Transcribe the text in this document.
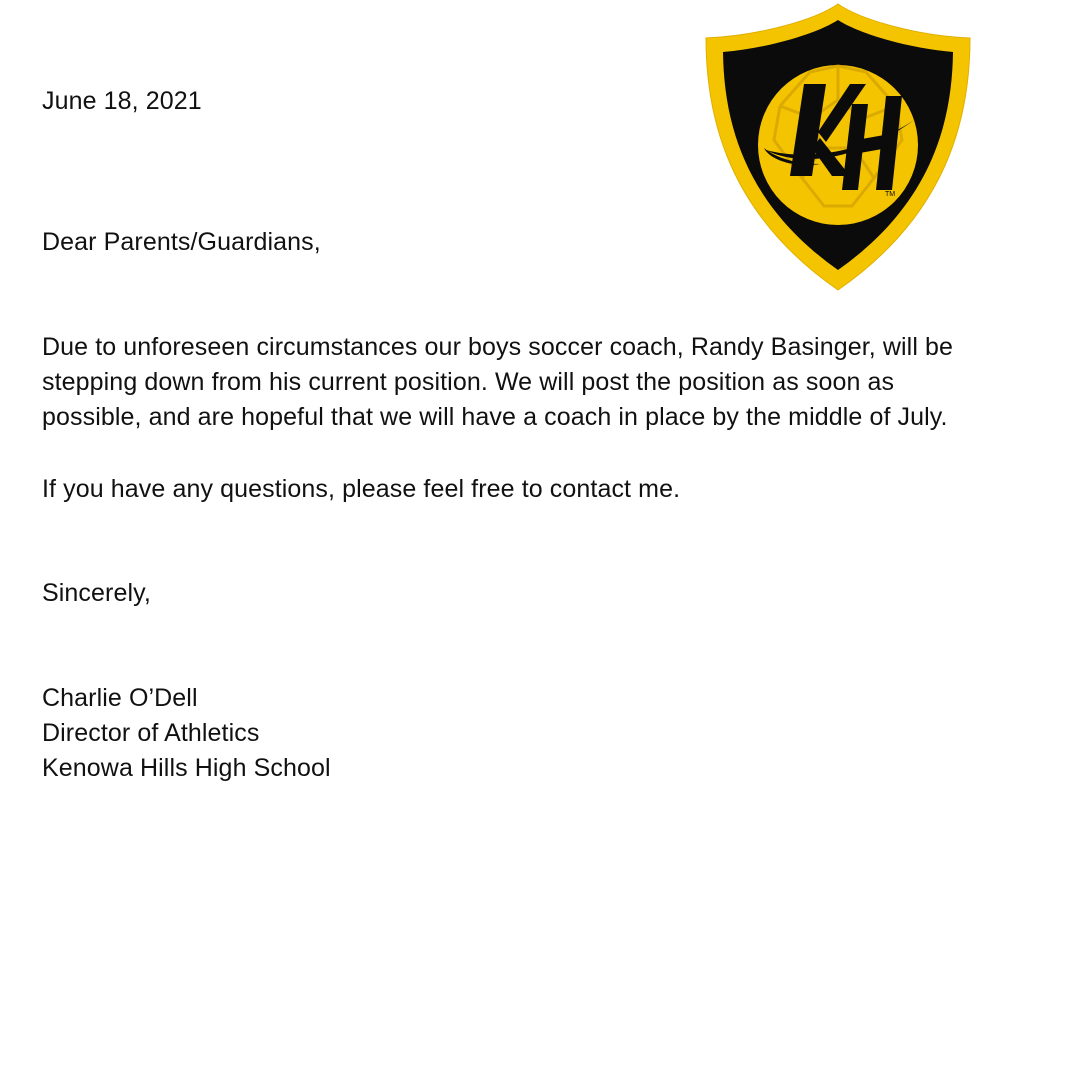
June 18, 2021
Dear Parents/Guardians,
Due to unforeseen circumstances our boys soccer coach, Randy Basinger, will be
stepping down from his current position. We will post the position as soon as
possible, and are hopeful that we will have a coach in place by the middle of July.
If you have any questions, please feel free to contact me.
Sincerely,
Charlie O’Dell
Director of Athletics
Kenowa Hills High School
TM
